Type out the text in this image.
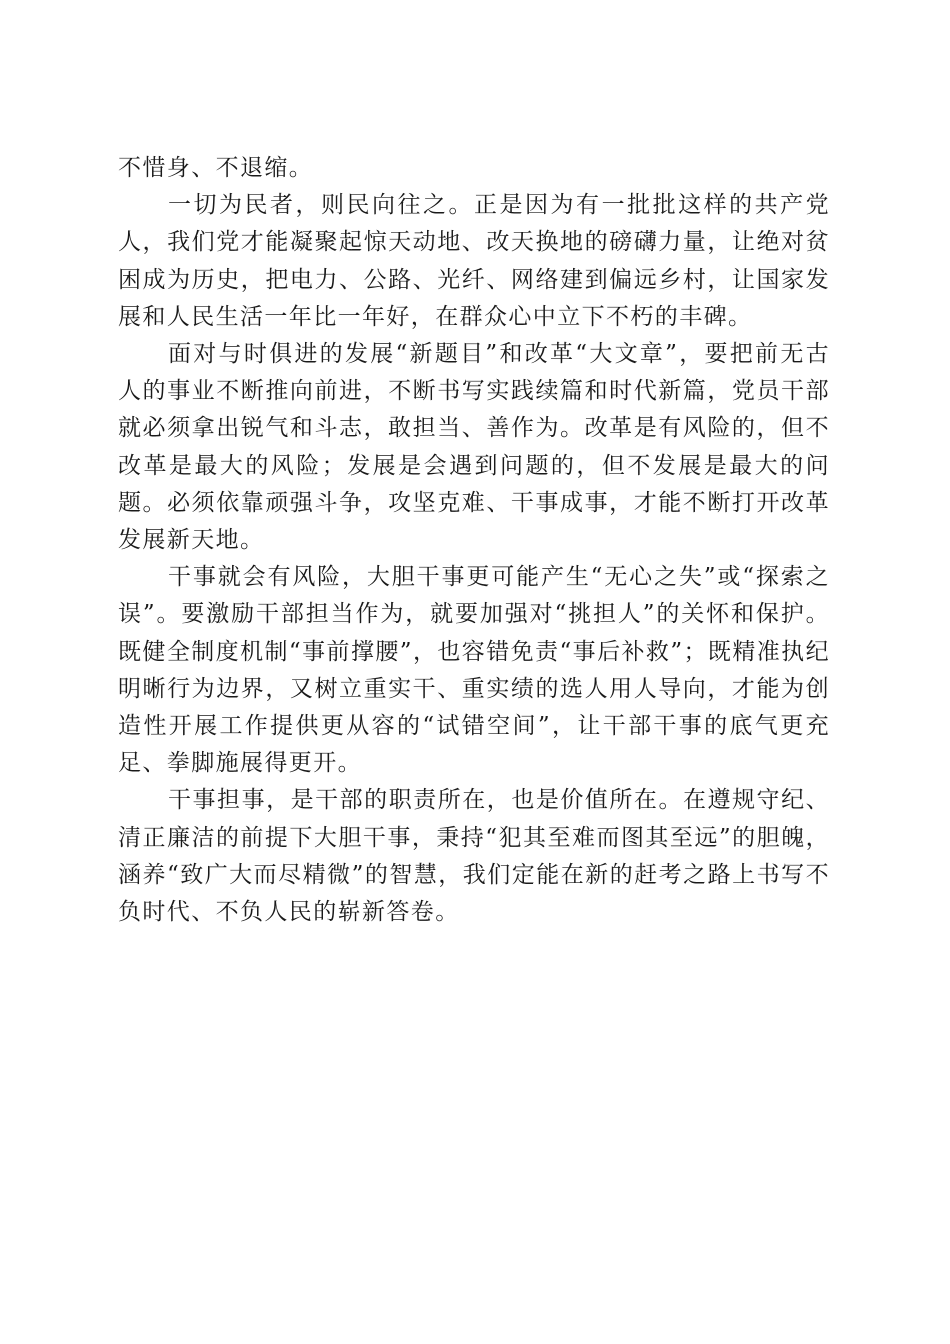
不惜身、不退缩。

一切为民者，则民向往之。正是因为有一批批这样的共产党人，我们党才能凝聚起惊天动地、改天换地的磅礴力量，让绝对贫困成为历史，把电力、公路、光纤、网络建到偏远乡村，让国家发展和人民生活一年比一年好，在群众心中立下不朽的丰碑。

面对与时俱进的发展“新题目”和改革“大文章”，要把前无古人的事业不断推向前进，不断书写实践续篇和时代新篇，党员干部就必须拿出锐气和斗志，敢担当、善作为。改革是有风险的，但不改革是最大的风险；发展是会遇到问题的，但不发展是最大的问题。必须依靠顽强斗争，攻坚克难、干事成事，才能不断打开改革发展新天地。

干事就会有风险，大胆干事更可能产生“无心之失”或“探索之误”。要激励干部担当作为，就要加强对“挑担人”的关怀和保护。既健全制度机制“事前撑腰”，也容错免责“事后补救”；既精准执纪明晰行为边界，又树立重实干、重实绩的选人用人导向，才能为创造性开展工作提供更从容的“试错空间”，让干部干事的底气更充足、拳脚施展得更开。

干事担事，是干部的职责所在，也是价值所在。在遵规守纪、清正廉洁的前提下大胆干事，秉持“犯其至难而图其至远”的胆魄，涵养“致广大而尽精微”的智慧，我们定能在新的赶考之路上书写不负时代、不负人民的崭新答卷。
